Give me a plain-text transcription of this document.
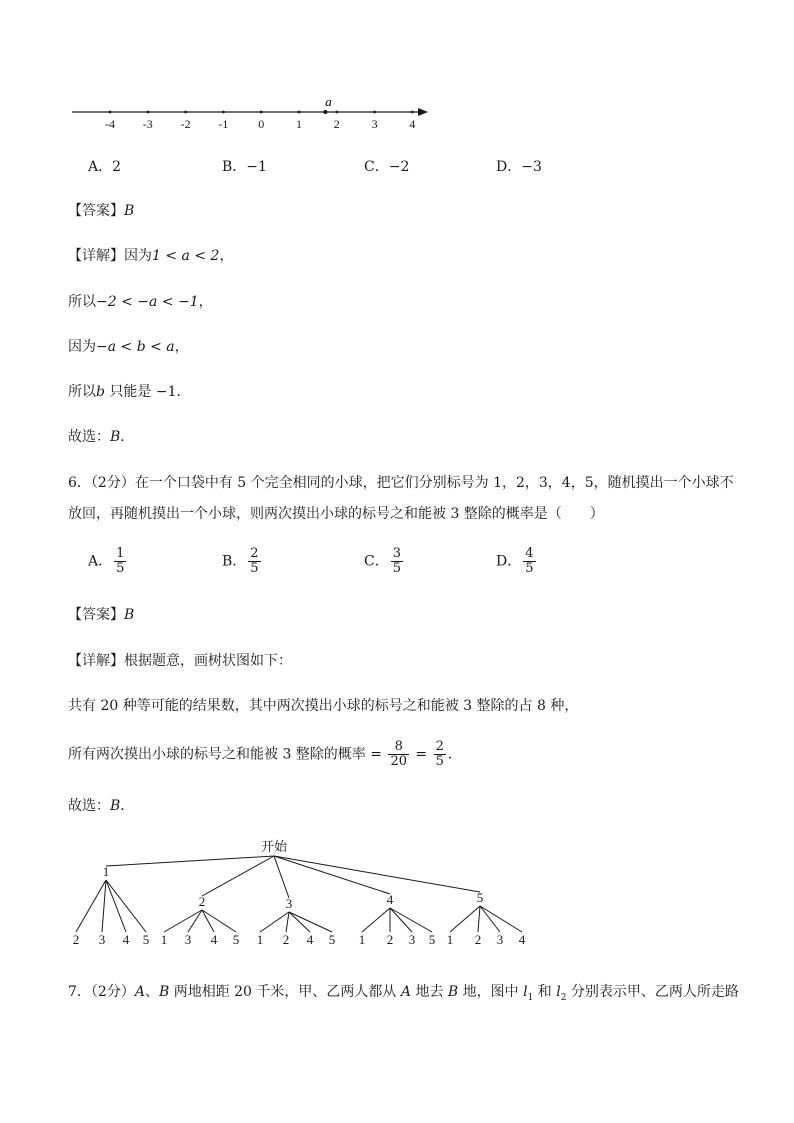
-4 -3 -2 -1 0	1	2	3	4
a
A．2	B．−1	C．−2	D．−3
【答案】B
【详解】因为1 < a < 2，
所以−2 < −a < −1，
因为−a < b < a，
所以b 只能是 −1．
故选：B．
6．（2分）在一个口袋中有 5 个完全相同的小球，把它们分别标号为 1，2，3，4，5，随机摸出一个小球不
放回，再随机摸出一个小球，则两次摸出小球的标号之和能被 3 整除的概率是（　　）
A． $\frac{1}{5}$	B． $\frac{2}{5}$	C． $\frac{3}{5}$	D． $\frac{4}{5}$
【答案】B
【详解】根据题意，画树状图如下：
共有 20 种等可能的结果数，其中两次摸出小球的标号之和能被 3 整除的占 8 种，
所有两次摸出小球的标号之和能被 3 整除的概率 = $\frac{8}{20} = \frac{2}{5}$ ．
故选：B．
开始
1
2 3 4 5
2
1 3 4 5
3
1 2 4 5
4
1 2 3 5
5
1 2 3 4
7．（2分）A、B 两地相距 20 千米，甲、乙两人都从 A 地去 B 地，图中 $l_1$ 和 $l_2$ 分别表示甲、乙两人所走路
